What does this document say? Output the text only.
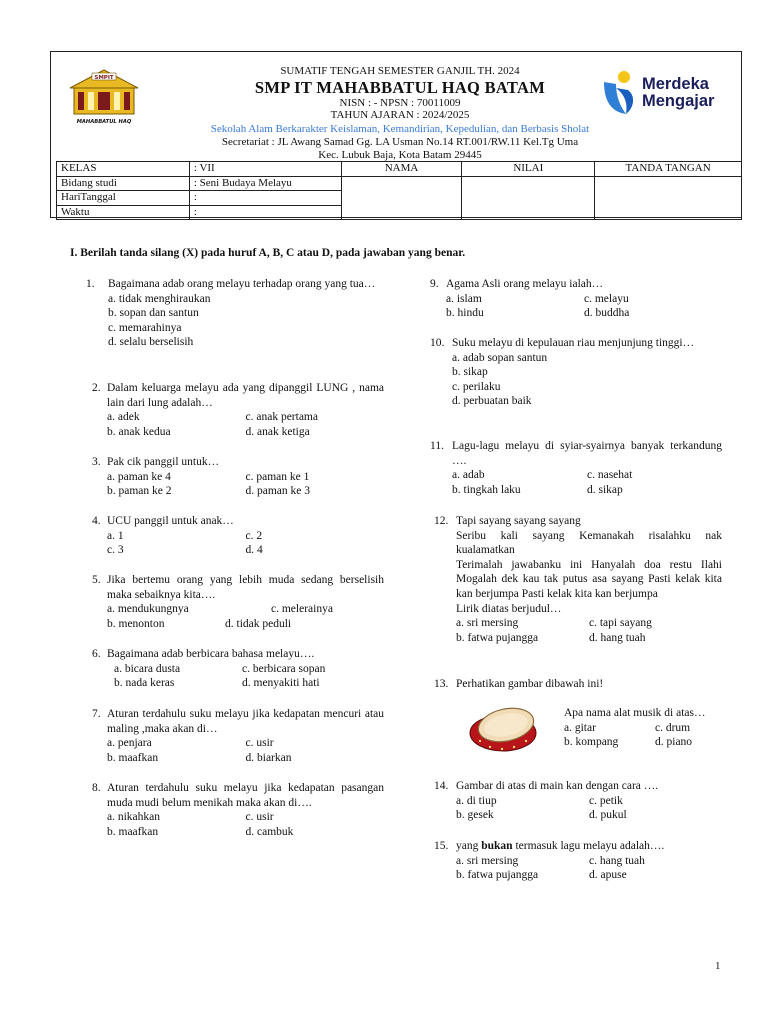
SMPIT
MAHABBATUL HAQ
SUMATIF TENGAH SEMESTER GANJIL TH. 2024
SMP IT MAHABBATUL HAQ BATAM
NISN : - NPSN : 70011009
TAHUN AJARAN : 2024/2025
Sekolah Alam Berkarakter Keislaman, Kemandirian, Kepedulian, dan Berbasis Sholat
Secretariat : JL Awang Samad Gg. LA Usman No.14 RT.001/RW.11 Kel.Tg Uma
Kec. Lubuk Baja, Kota Batam 29445
Merdeka
Mengajar
KELAS	: VII	NAMA	NILAI	TANDA TANGAN
Bidang studi	: Seni Budaya Melayu			
HariTanggal	:			
Waktu	:			
I. Berilah tanda silang (X) pada huruf A, B, C atau D, pada jawaban yang benar.
1.	Bagaimana adab orang melayu terhadap orang yang tua…
a. tidak menghiraukan
b. sopan dan santun
c. memarahinya
d. selalu berselisih
2. Dalam keluarga melayu ada yang dipanggil LUNG , nama lain dari lung adalah…
a. adek	c. anak pertama
b. anak kedua	d. anak ketiga
3. Pak cik panggil untuk…
a. paman ke 4	c. paman ke 1
b. paman ke 2	d. paman ke 3
4. UCU panggil untuk anak…
a. 1	c. 2
c. 3	d. 4
5. Jika bertemu orang yang lebih muda sedang berselisih maka sebaiknya kita….
a. mendukungnya	c. melerainya
b. menonton	d. tidak peduli
6. Bagaimana adab berbicara bahasa melayu….
a. bicara dusta	c. berbicara sopan
b. nada keras	d. menyakiti hati
7. Aturan terdahulu suku melayu jika kedapatan mencuri atau maling ,maka akan di…
a. penjara	c. usir
b. maafkan	d. biarkan
8. Aturan terdahulu suku melayu jika kedapatan pasangan muda mudi belum menikah maka akan di….
a. nikahkan	c. usir
b. maafkan	d. cambuk
9. Agama Asli orang melayu ialah…
a. islam	c. melayu
b. hindu	d. buddha
10. Suku melayu di kepulauan riau menjunjung tinggi…
a. adab sopan santun
b. sikap
c. perilaku
d. perbuatan baik
11. Lagu-lagu melayu di syiar-syairnya banyak terkandung ….
a. adab	c. nasehat
b. tingkah laku	d. sikap
12. Tapi sayang sayang sayang
Seribu kali sayang Kemanakah risalahku nak kualamatkan
Terimalah jawabanku ini Hanyalah doa restu Ilahi Mogalah dek kau tak putus asa sayang Pasti kelak kita kan berjumpa Pasti kelak kita kan berjumpa
Lirik diatas berjudul…
a. sri mersing	c. tapi sayang
b. fatwa pujangga	d. hang tuah
13. Perhatikan gambar dibawah ini!
Apa nama alat musik di atas…
a. gitar	c. drum
b. kompang	d. piano
14. Gambar di atas di main kan dengan cara ….
a. di tiup	c. petik
b. gesek	d. pukul
15. yang bukan termasuk lagu melayu adalah….
a. sri mersing	c. hang tuah
b. fatwa pujangga	d. apuse
1
